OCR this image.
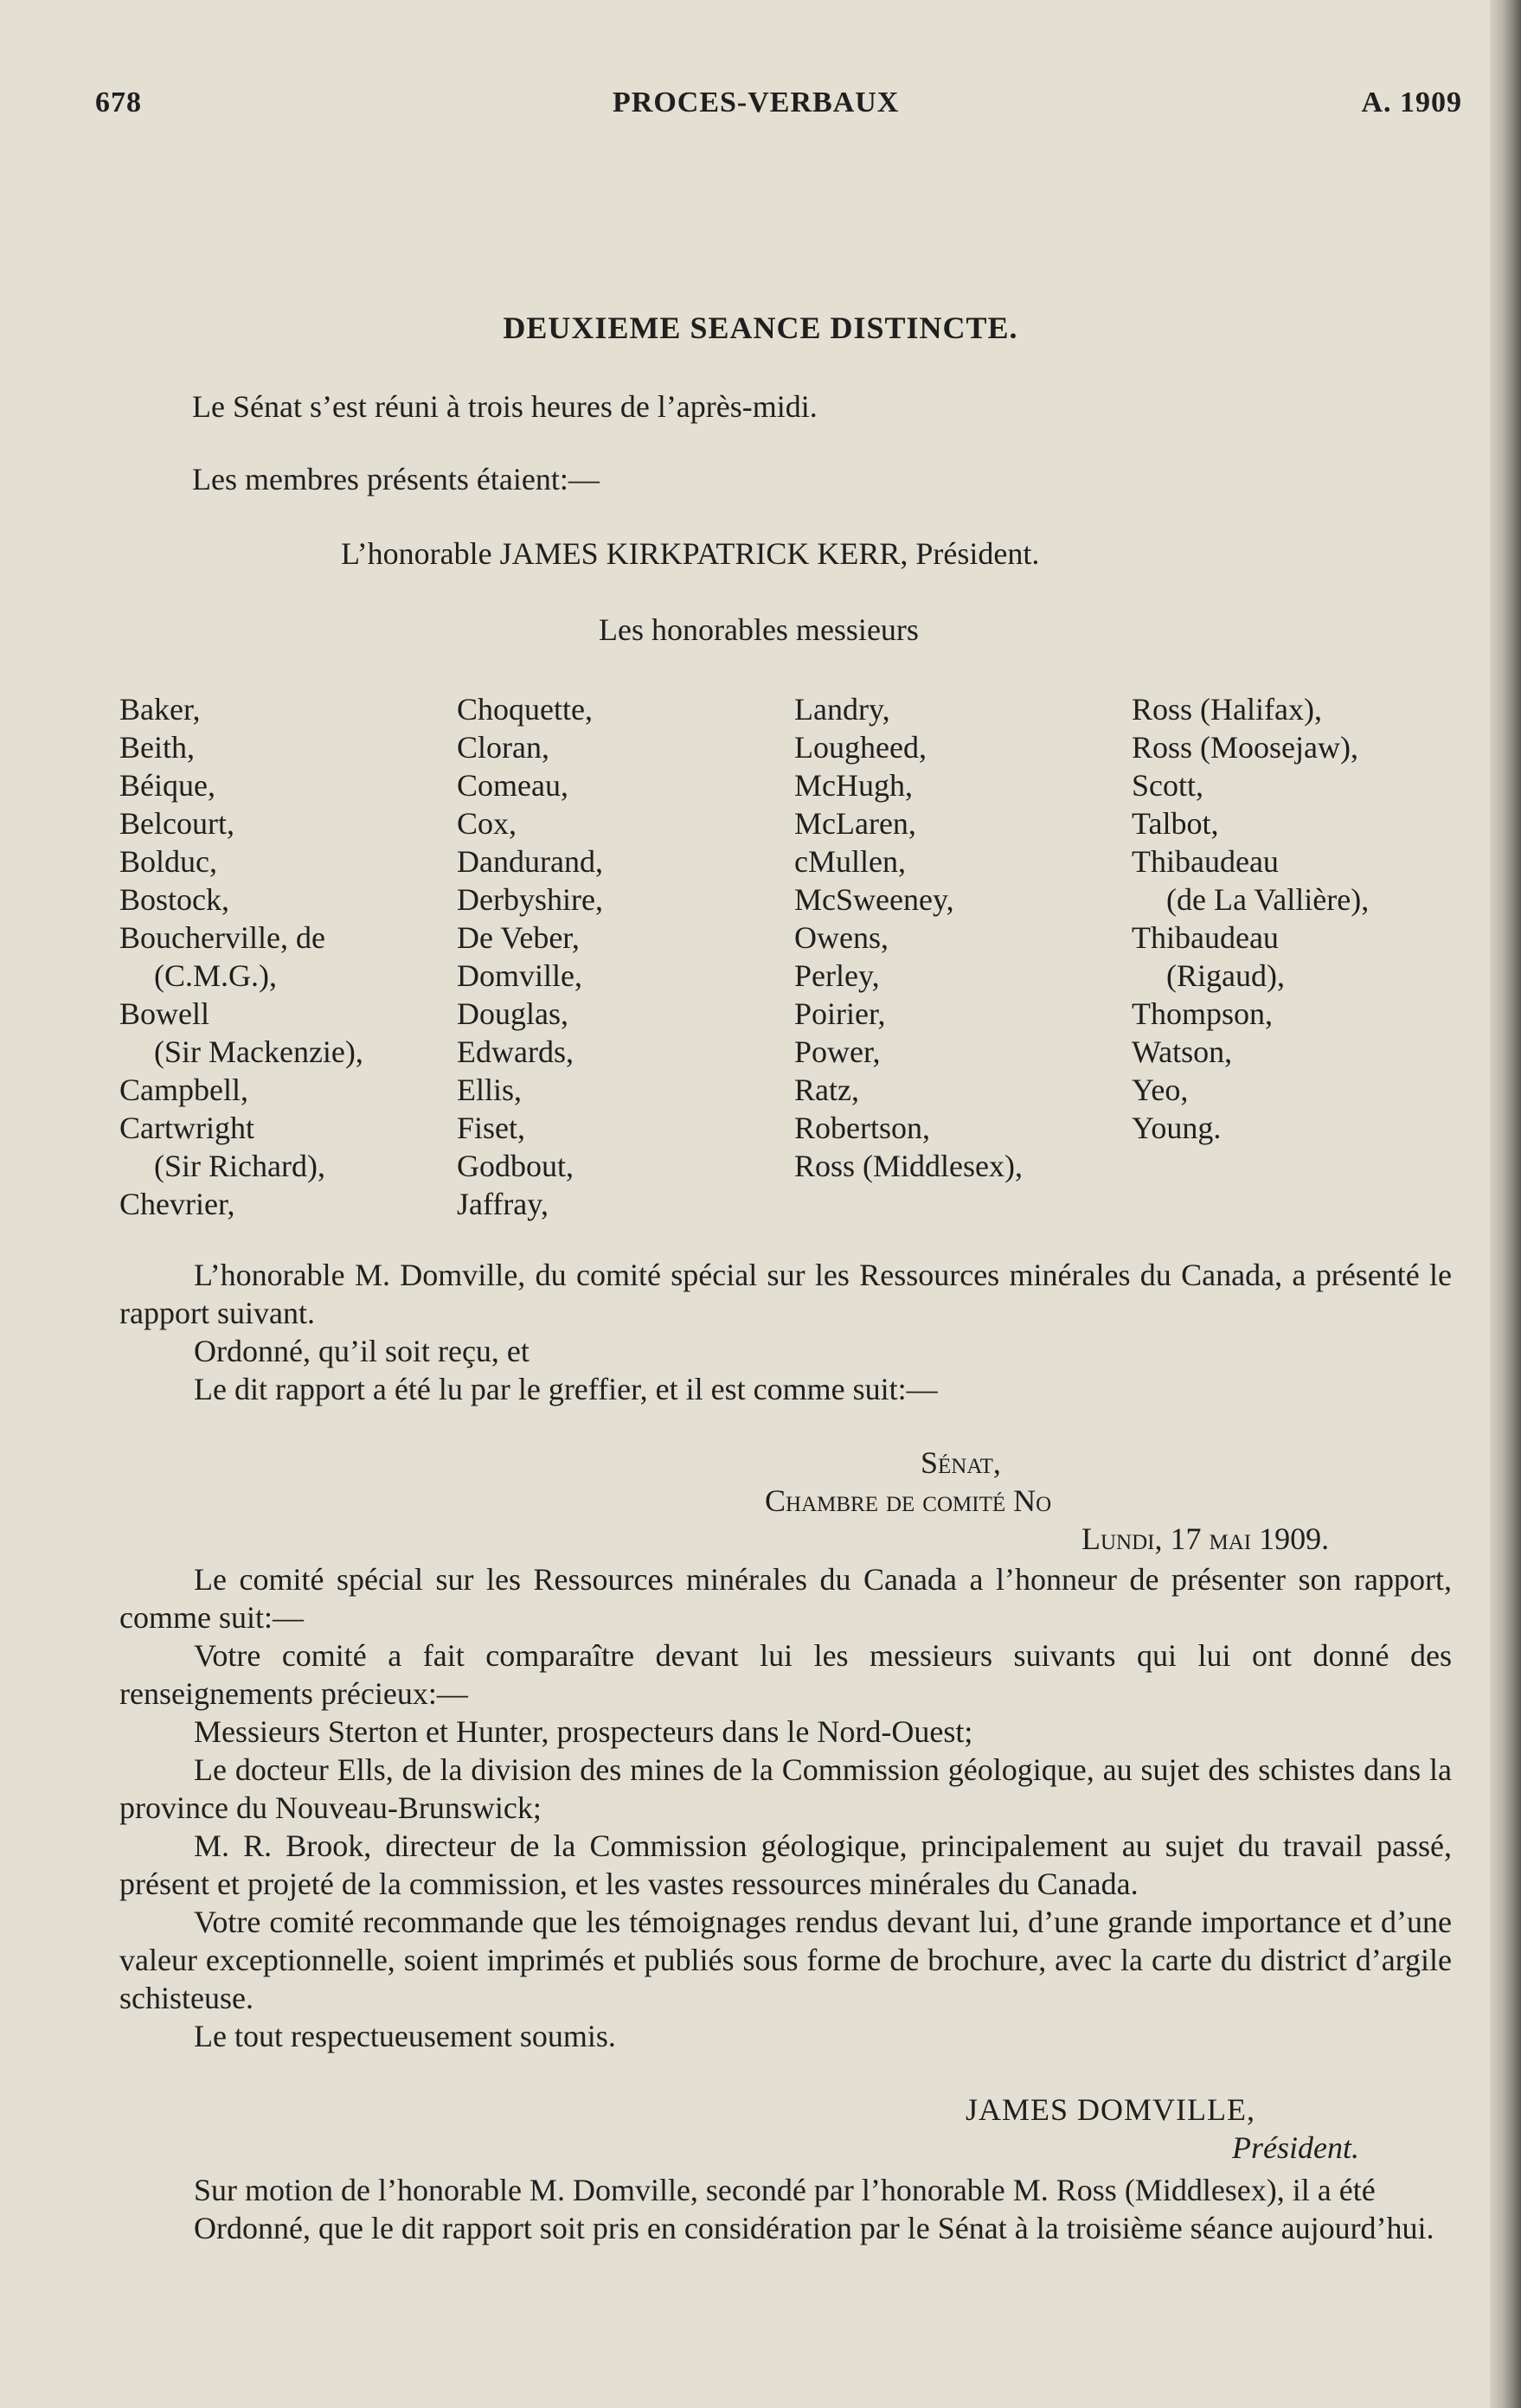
678	PROCES-VERBAUX	A. 1909
DEUXIEME SEANCE DISTINCTE.
Le Sénat s’est réuni à trois heures de l’après-midi.
Les membres présents étaient:—
L’honorable JAMES KIRKPATRICK KERR, Président.
Les honorables messieurs
Baker,
Beith,
Béique,
Belcourt,
Bolduc,
Bostock,
Boucherville, de
(C.M.G.),
Bowell
(Sir Mackenzie),
Campbell,
Cartwright
(Sir Richard),
Chevrier,
Choquette,
Cloran,
Comeau,
Cox,
Dandurand,
Derbyshire,
De Veber,
Domville,
Douglas,
Edwards,
Ellis,
Fiset,
Godbout,
Jaffray,
Landry,
Lougheed,
McHugh,
McLaren,
cMullen,
McSweeney,
Owens,
Perley,
Poirier,
Power,
Ratz,
Robertson,
Ross (Middlesex),
Ross (Halifax),
Ross (Moosejaw),
Scott,
Talbot,
Thibaudeau
(de La Vallière),
Thibaudeau
(Rigaud),
Thompson,
Watson,
Yeo,
Young.

L’honorable M. Domville, du comité spécial sur les Ressources minérales du Canada, a présenté le rapport suivant.

Ordonné, qu’il soit reçu, et

Le dit rapport a été lu par le greffier, et il est comme suit:—

Sénat,
Chambre de comité No
Lundi, 17 mai 1909.

Le comité spécial sur les Ressources minérales du Canada a l’honneur de présenter son rapport, comme suit:—

Votre comité a fait comparaître devant lui les messieurs suivants qui lui ont donné des renseignements précieux:—

Messieurs Sterton et Hunter, prospecteurs dans le Nord-Ouest;

Le docteur Ells, de la division des mines de la Commission géologique, au sujet des schistes dans la province du Nouveau-Brunswick;

M. R. Brook, directeur de la Commission géologique, principalement au sujet du travail passé, présent et projeté de la commission, et les vastes ressources minérales du Canada.

Votre comité recommande que les témoignages rendus devant lui, d’une grande importance et d’une valeur exceptionnelle, soient imprimés et publiés sous forme de brochure, avec la carte du district d’argile schisteuse.

Le tout respectueusement soumis.

JAMES DOMVILLE,
Président.

Sur motion de l’honorable M. Domville, secondé par l’honorable M. Ross (Middlesex), il a été

Ordonné, que le dit rapport soit pris en considération par le Sénat à la troisième séance aujourd’hui.
